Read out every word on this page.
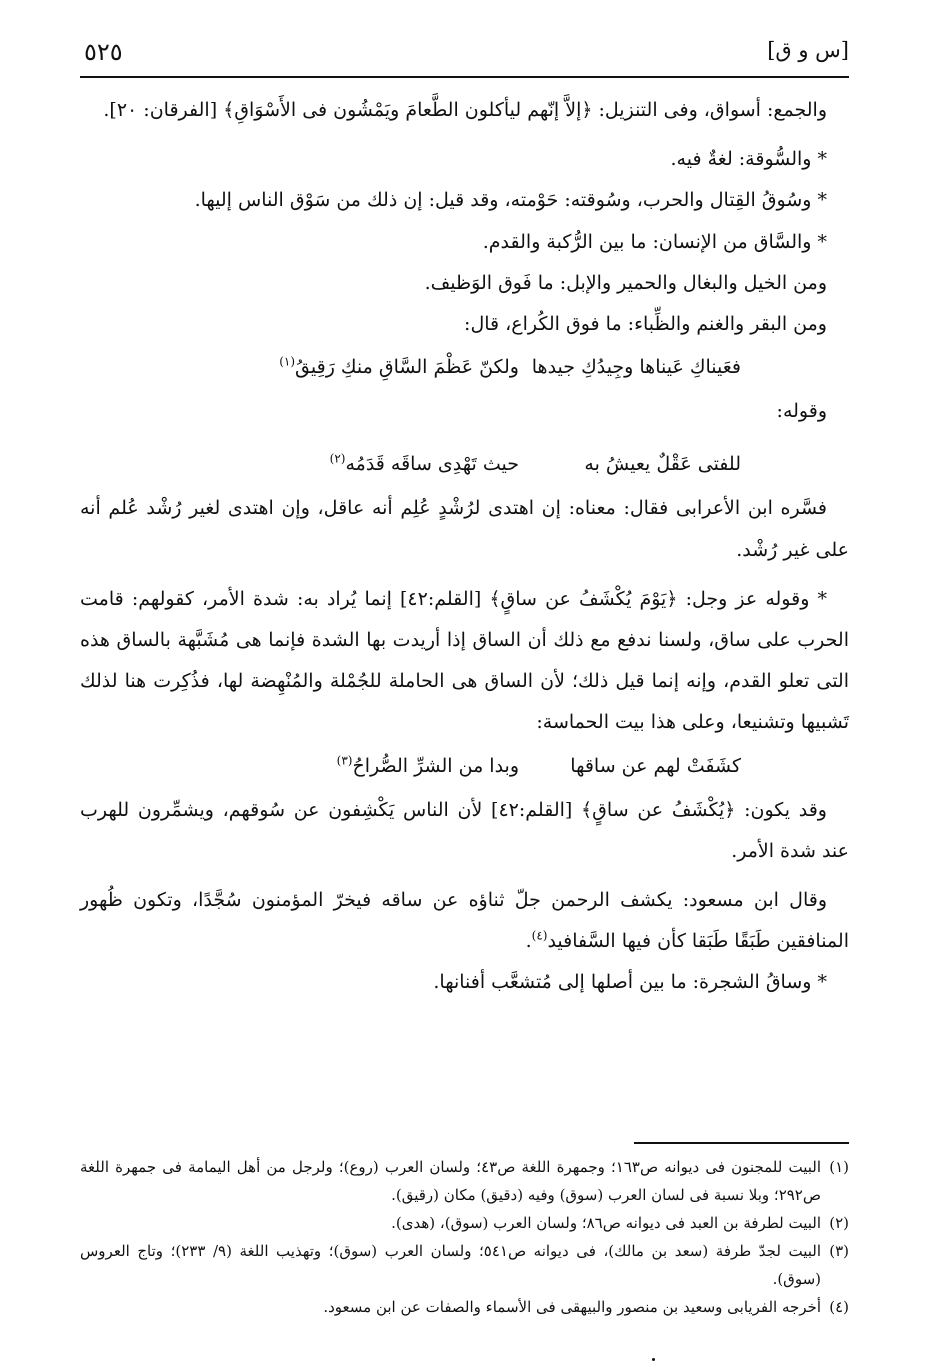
٥٢٥	[س و ق]

والجمع: أسواق، وفى التنزيل: ﴿إلاَّ إنّهم ليأكلون الطَّعامَ ويَمْشُون فى الأَسْوَاقِ﴾ [الفرقان: ٢٠].

* والسُّوقة: لغةٌ فيه.

* وسُوقُ القِتال والحرب، وسُوقته: حَوْمته، وقد قيل: إن ذلك من سَوْق الناس إليها.

* والسَّاق من الإنسان: ما بين الرُّكبة والقدم.

ومن الخيل والبغال والحمير والإبل: ما فَوق الوَظيف.

ومن البقر والغنم والظِّباء: ما فوق الكُراع، قال:

فعَيناكِ عَيناها وجِيدُكِ جيدها
ولكنّ عَظْمَ السَّاقِ منكِ رَقِيقُ$^{(١)}$

وقوله:

للفتى عَقْلٌ يعيشُ به
حيث تَهْدِى ساقَه قَدَمُه$^{(٢)}$

فسَّره ابن الأعرابى فقال: معناه: إن اهتدى لرُشْدٍ عُلِم أنه عاقل، وإن اهتدى لغير رُشْد عُلم أنه على غير رُشْد.

* وقوله عز وجل: ﴿يَوْمَ يُكْشَفُ عن ساقٍ﴾ [القلم:٤٢] إنما يُراد به: شدة الأمر، كقولهم: قامت الحرب على ساق، ولسنا ندفع مع ذلك أن الساق إذا أريدت بها الشدة فإنما هى مُشَبَّهة بالساق هذه التى تعلو القدم، وإنه إنما قيل ذلك؛ لأن الساق هى الحاملة للجُمْلة والمُنْهِضة لها، فذُكِرت هنا لذلك تَشبيها وتشنيعا، وعلى هذا بيت الحماسة:

كشَفَتْ لهم عن ساقها
وبدا من الشرِّ الصُّراحُ$^{(٣)}$

وقد يكون: ﴿يُكْشَفُ عن ساقٍ﴾ [القلم:٤٢] لأن الناس يَكْشِفون عن سُوقهم، ويشمِّرون للهرب عند شدة الأمر.

وقال ابن مسعود: يكشف الرحمن جلّ ثناؤه عن ساقه فيخرّ المؤمنون سُجَّدًا، وتكون ظُهور المنافقين طَبَقًا طَبَقا كأن فيها السَّفافيد$^{(٤)}$.

* وساقُ الشجرة: ما بين أصلها إلى مُتشعَّب أفنانها.

(١)
البيت للمجنون فى ديوانه ص١٦٣؛ وجمهرة اللغة ص٤٣؛ ولسان العرب (روع)؛ ولرجل من أهل اليمامة فى جمهرة اللغة ص٢٩٢؛ وبلا نسبة فى لسان العرب (سوق) وفيه (دقيق) مكان (رقيق).
(٢)
البيت لطرفة بن العبد فى ديوانه ص٨٦؛ ولسان العرب (سوق)، (هدى).
(٣)
البيت لجدّ طرفة (سعد بن مالك)، فى ديوانه ص٥٤١؛ ولسان العرب (سوق)؛ وتهذيب اللغة (٩/ ٢٣٣)؛ وتاج العروس (سوق).
(٤)
أخرجه الفريابى وسعيد بن منصور والبيهقى فى الأسماء والصفات عن ابن مسعود.
